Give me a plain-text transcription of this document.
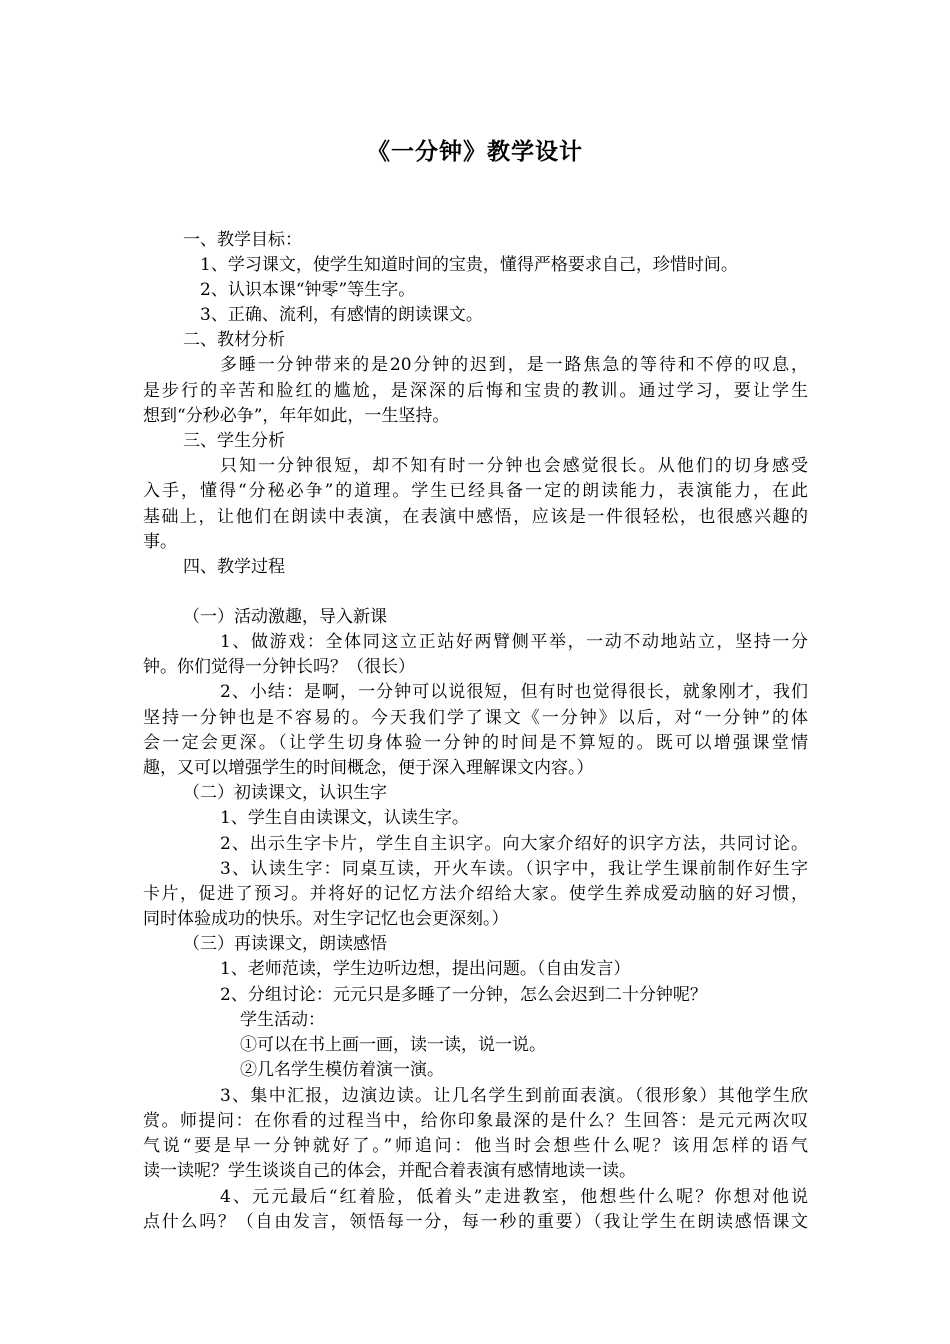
《一分钟》教学设计
一、教学目标：
1、学习课文，使学生知道时间的宝贵，懂得严格要求自己，珍惜时间。
2、认识本课“钟零”等生字。
3、正确、流利，有感情的朗读课文。
二、教材分析
多睡一分钟带来的是20分钟的迟到，是一路焦急的等待和不停的叹息，
是步行的辛苦和脸红的尴尬，是深深的后悔和宝贵的教训。通过学习，要让学生
想到“分秒必争”，年年如此，一生坚持。
三、学生分析
只知一分钟很短，却不知有时一分钟也会感觉很长。从他们的切身感受
入手，懂得“分秘必争”的道理。学生已经具备一定的朗读能力，表演能力，在此
基础上，让他们在朗读中表演，在表演中感悟，应该是一件很轻松，也很感兴趣的
事。
四、教学过程
（一）活动激趣，导入新课
1、做游戏：全体同这立正站好两臂侧平举，一动不动地站立，坚持一分
钟。你们觉得一分钟长吗？（很长）
2、小结：是啊，一分钟可以说很短，但有时也觉得很长，就象刚才，我们
坚持一分钟也是不容易的。今天我们学了课文《一分钟》以后，对“一分钟”的体
会一定会更深。（让学生切身体验一分钟的时间是不算短的。既可以增强课堂情
趣，又可以增强学生的时间概念，便于深入理解课文内容。）
（二）初读课文，认识生字
1、学生自由读课文，认读生字。
2、出示生字卡片，学生自主识字。向大家介绍好的识字方法，共同讨论。
3、认读生字：同桌互读，开火车读。（识字中，我让学生课前制作好生字
卡片，促进了预习。并将好的记忆方法介绍给大家。使学生养成爱动脑的好习惯，
同时体验成功的快乐。对生字记忆也会更深刻。）
（三）再读课文，朗读感悟
1、老师范读，学生边听边想，提出问题。（自由发言）
2、分组讨论：元元只是多睡了一分钟，怎么会迟到二十分钟呢？
学生活动：
①可以在书上画一画，读一读，说一说。
②几名学生模仿着演一演。
3、集中汇报，边演边读。让几名学生到前面表演。（很形象）其他学生欣
赏。师提问：在你看的过程当中，给你印象最深的是什么？生回答：是元元两次叹
气说“要是早一分钟就好了。”师追问：他当时会想些什么呢？该用怎样的语气
读一读呢？学生谈谈自己的体会，并配合着表演有感情地读一读。
4、元元最后“红着脸，低着头”走进教室，他想些什么呢？你想对他说
点什么吗？（自由发言，领悟每一分，每一秒的重要）（我让学生在朗读感悟课文
